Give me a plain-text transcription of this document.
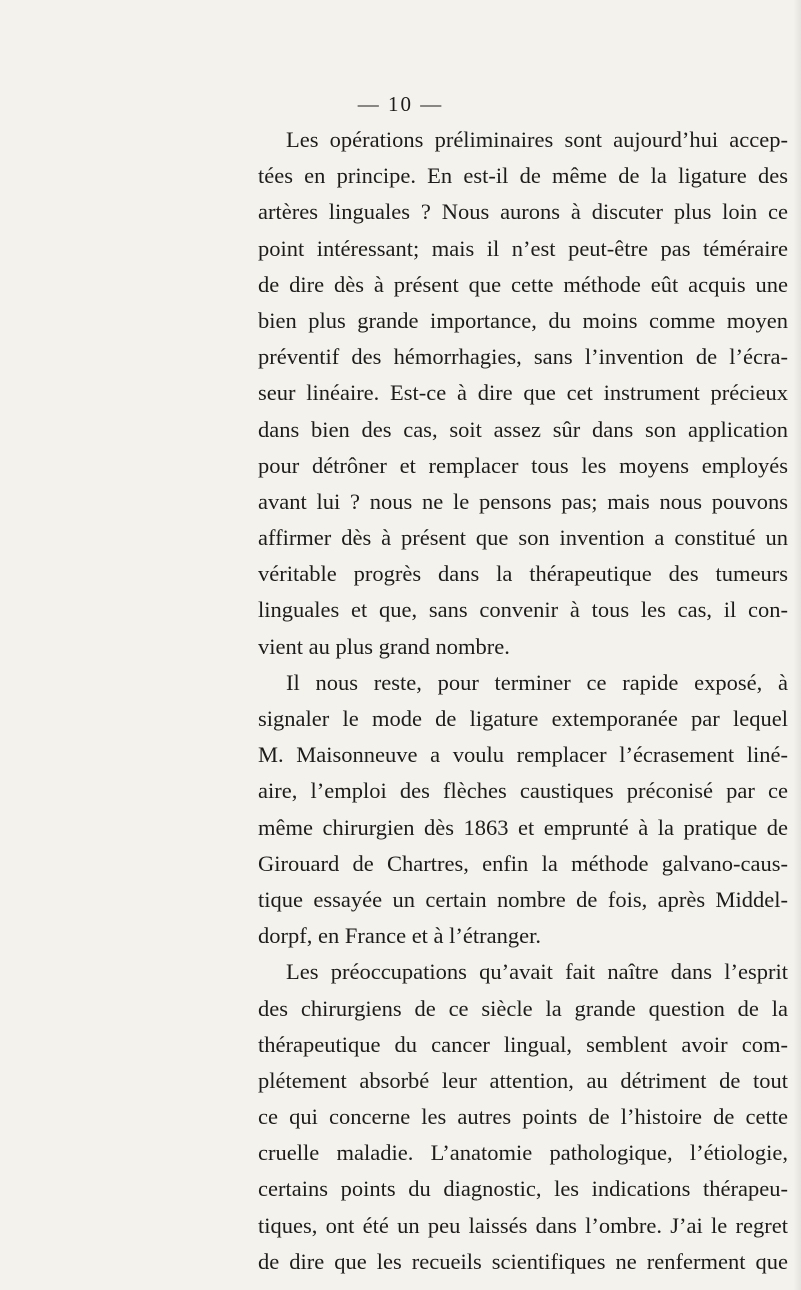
— 10 —
Les opérations préliminaires sont aujourd’hui accep-
tées en principe. En est-il de même de la ligature des
artères linguales ? Nous aurons à discuter plus loin ce
point intéressant; mais il n’est peut-être pas téméraire
de dire dès à présent que cette méthode eût acquis une
bien plus grande importance, du moins comme moyen
préventif des hémorrhagies, sans l’invention de l’écra-
seur linéaire. Est-ce à dire que cet instrument précieux
dans bien des cas, soit assez sûr dans son application
pour détrôner et remplacer tous les moyens employés
avant lui ? nous ne le pensons pas; mais nous pouvons
affirmer dès à présent que son invention a constitué un
véritable progrès dans la thérapeutique des tumeurs
linguales et que, sans convenir à tous les cas, il con-
vient au plus grand nombre.
Il nous reste, pour terminer ce rapide exposé, à
signaler le mode de ligature extemporanée par lequel
M. Maisonneuve a voulu remplacer l’écrasement liné-
aire, l’emploi des flèches caustiques préconisé par ce
même chirurgien dès 1863 et emprunté à la pratique de
Girouard de Chartres, enfin la méthode galvano-caus-
tique essayée un certain nombre de fois, après Middel-
dorpf, en France et à l’étranger.
Les préoccupations qu’avait fait naître dans l’esprit
des chirurgiens de ce siècle la grande question de la
thérapeutique du cancer lingual, semblent avoir com-
plétement absorbé leur attention, au détriment de tout
ce qui concerne les autres points de l’histoire de cette
cruelle maladie. L’anatomie pathologique, l’étiologie,
certains points du diagnostic, les indications thérapeu-
tiques, ont été un peu laissés dans l’ombre. J’ai le regret
de dire que les recueils scientifiques ne renferment que
